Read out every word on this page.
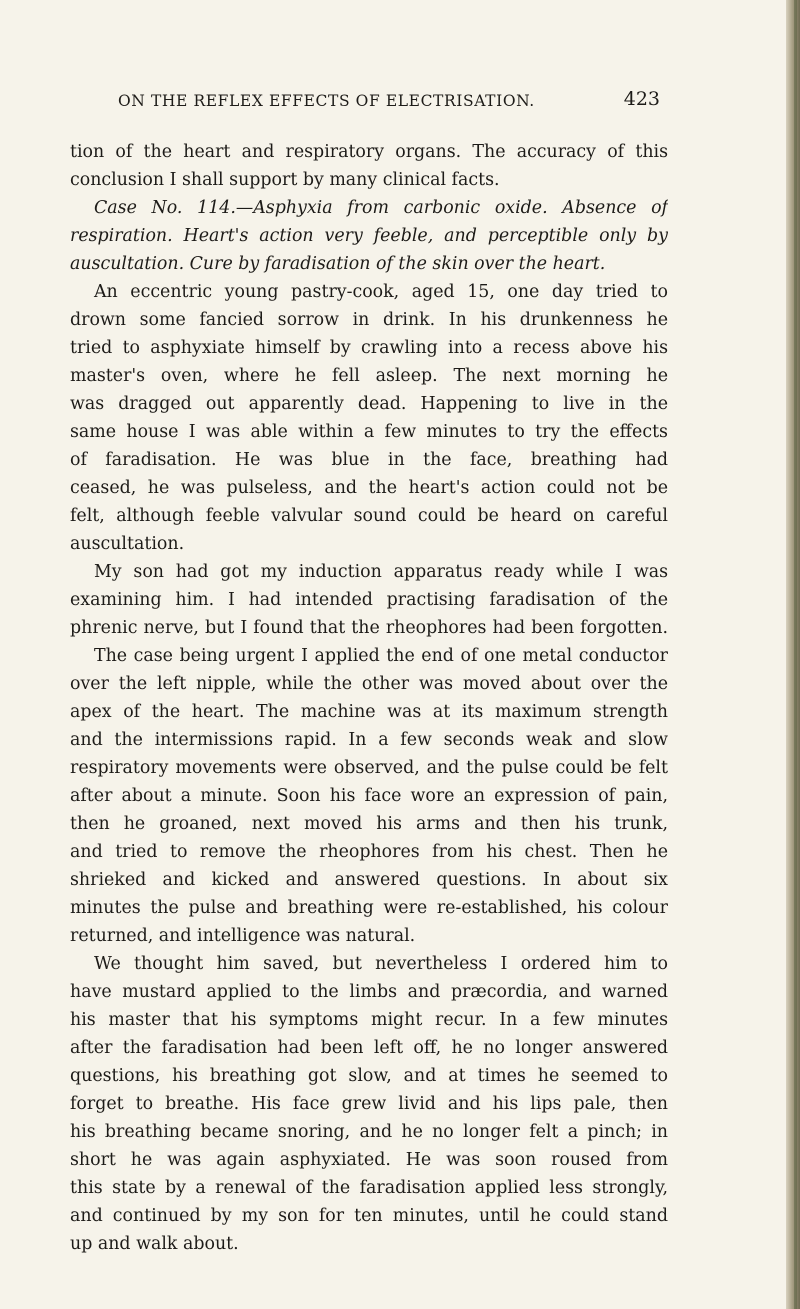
ON THE REFLEX EFFECTS OF ELECTRISATION.	423
tion of the heart and respiratory organs. The accuracy of this
conclusion I shall support by many clinical facts.
Case No. 114.—Asphyxia from carbonic oxide. Absence of
respiration. Heart's action very feeble, and perceptible only by
auscultation. Cure by faradisation of the skin over the heart.
An eccentric young pastry-cook, aged 15, one day tried to
drown some fancied sorrow in drink. In his drunkenness he
tried to asphyxiate himself by crawling into a recess above his
master's oven, where he fell asleep. The next morning he
was dragged out apparently dead. Happening to live in the
same house I was able within a few minutes to try the effects
of faradisation. He was blue in the face, breathing had
ceased, he was pulseless, and the heart's action could not be
felt, although feeble valvular sound could be heard on careful
auscultation.
My son had got my induction apparatus ready while I was
examining him. I had intended practising faradisation of the
phrenic nerve, but I found that the rheophores had been forgotten.
The case being urgent I applied the end of one metal conductor
over the left nipple, while the other was moved about over the
apex of the heart. The machine was at its maximum strength
and the intermissions rapid. In a few seconds weak and slow
respiratory movements were observed, and the pulse could be felt
after about a minute. Soon his face wore an expression of pain,
then he groaned, next moved his arms and then his trunk,
and tried to remove the rheophores from his chest. Then he
shrieked and kicked and answered questions. In about six
minutes the pulse and breathing were re-established, his colour
returned, and intelligence was natural.
We thought him saved, but nevertheless I ordered him to
have mustard applied to the limbs and præcordia, and warned
his master that his symptoms might recur. In a few minutes
after the faradisation had been left off, he no longer answered
questions, his breathing got slow, and at times he seemed to
forget to breathe. His face grew livid and his lips pale, then
his breathing became snoring, and he no longer felt a pinch; in
short he was again asphyxiated. He was soon roused from
this state by a renewal of the faradisation applied less strongly,
and continued by my son for ten minutes, until he could stand
up and walk about.
